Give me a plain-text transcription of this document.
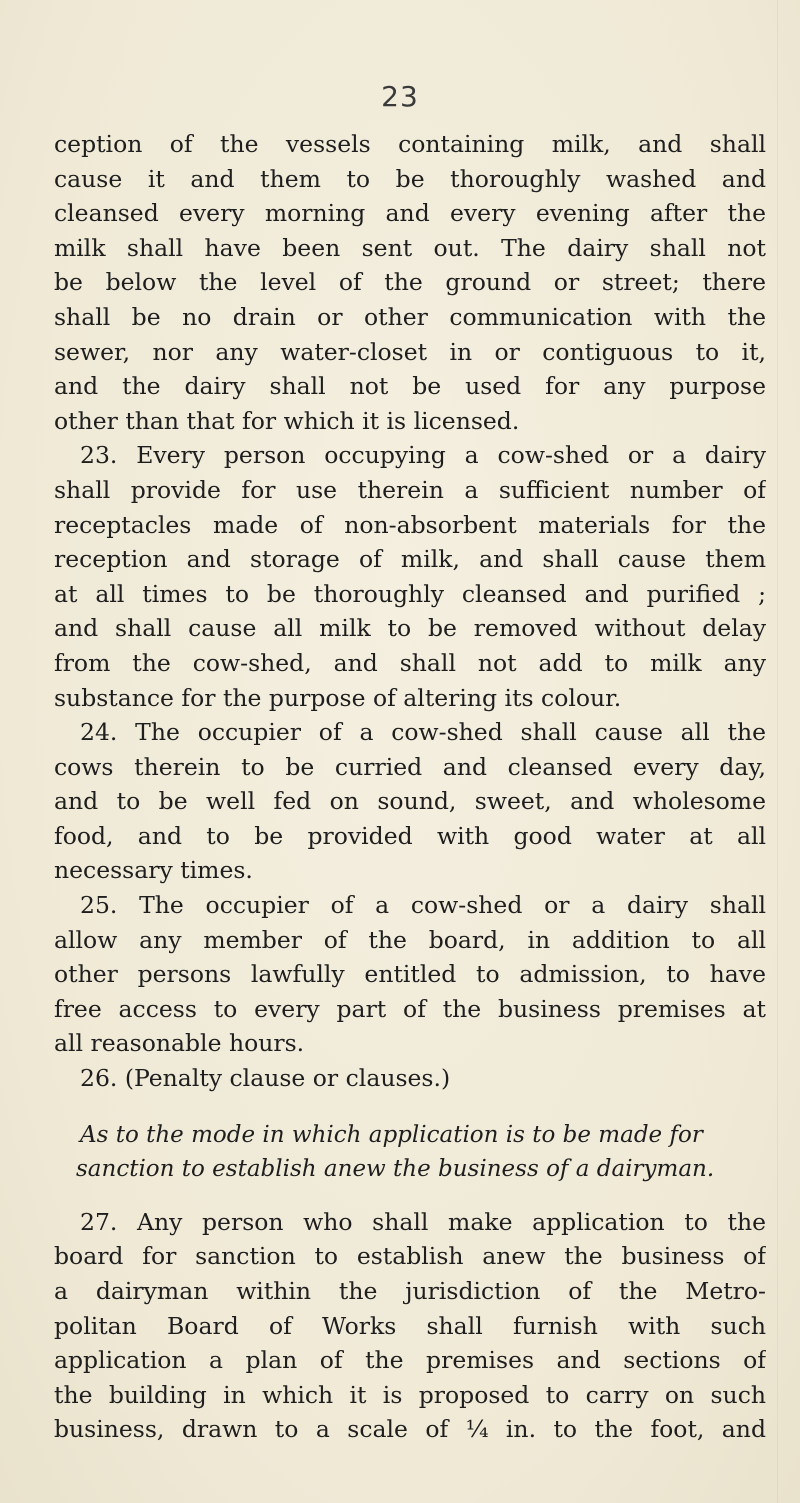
23
ception of the vessels containing milk, and shall
cause it and them to be thoroughly washed and
cleansed every morning and every evening after the
milk shall have been sent out. The dairy shall not
be below the level of the ground or street; there
shall be no drain or other communication with the
sewer, nor any water-closet in or contiguous to it,
and the dairy shall not be used for any purpose
other than that for which it is licensed.
23. Every person occupying a cow-shed or a dairy
shall provide for use therein a sufficient number of
receptacles made of non-absorbent materials for the
reception and storage of milk, and shall cause them
at all times to be thoroughly cleansed and purified ;
and shall cause all milk to be removed without delay
from the cow-shed, and shall not add to milk any
substance for the purpose of altering its colour.
24. The occupier of a cow-shed shall cause all the
cows therein to be curried and cleansed every day,
and to be well fed on sound, sweet, and wholesome
food, and to be provided with good water at all
necessary times.
25. The occupier of a cow-shed or a dairy shall
allow any member of the board, in addition to all
other persons lawfully entitled to admission, to have
free access to every part of the business premises at
all reasonable hours.
26. (Penalty clause or clauses.)
As to the mode in which application is to be made for
sanction to establish anew the business of a dairyman.
27. Any person who shall make application to the
board for sanction to establish anew the business of
a dairyman within the jurisdiction of the Metro-
politan Board of Works shall furnish with such
application a plan of the premises and sections of
the building in which it is proposed to carry on such
business, drawn to a scale of ¼ in. to the foot, and
